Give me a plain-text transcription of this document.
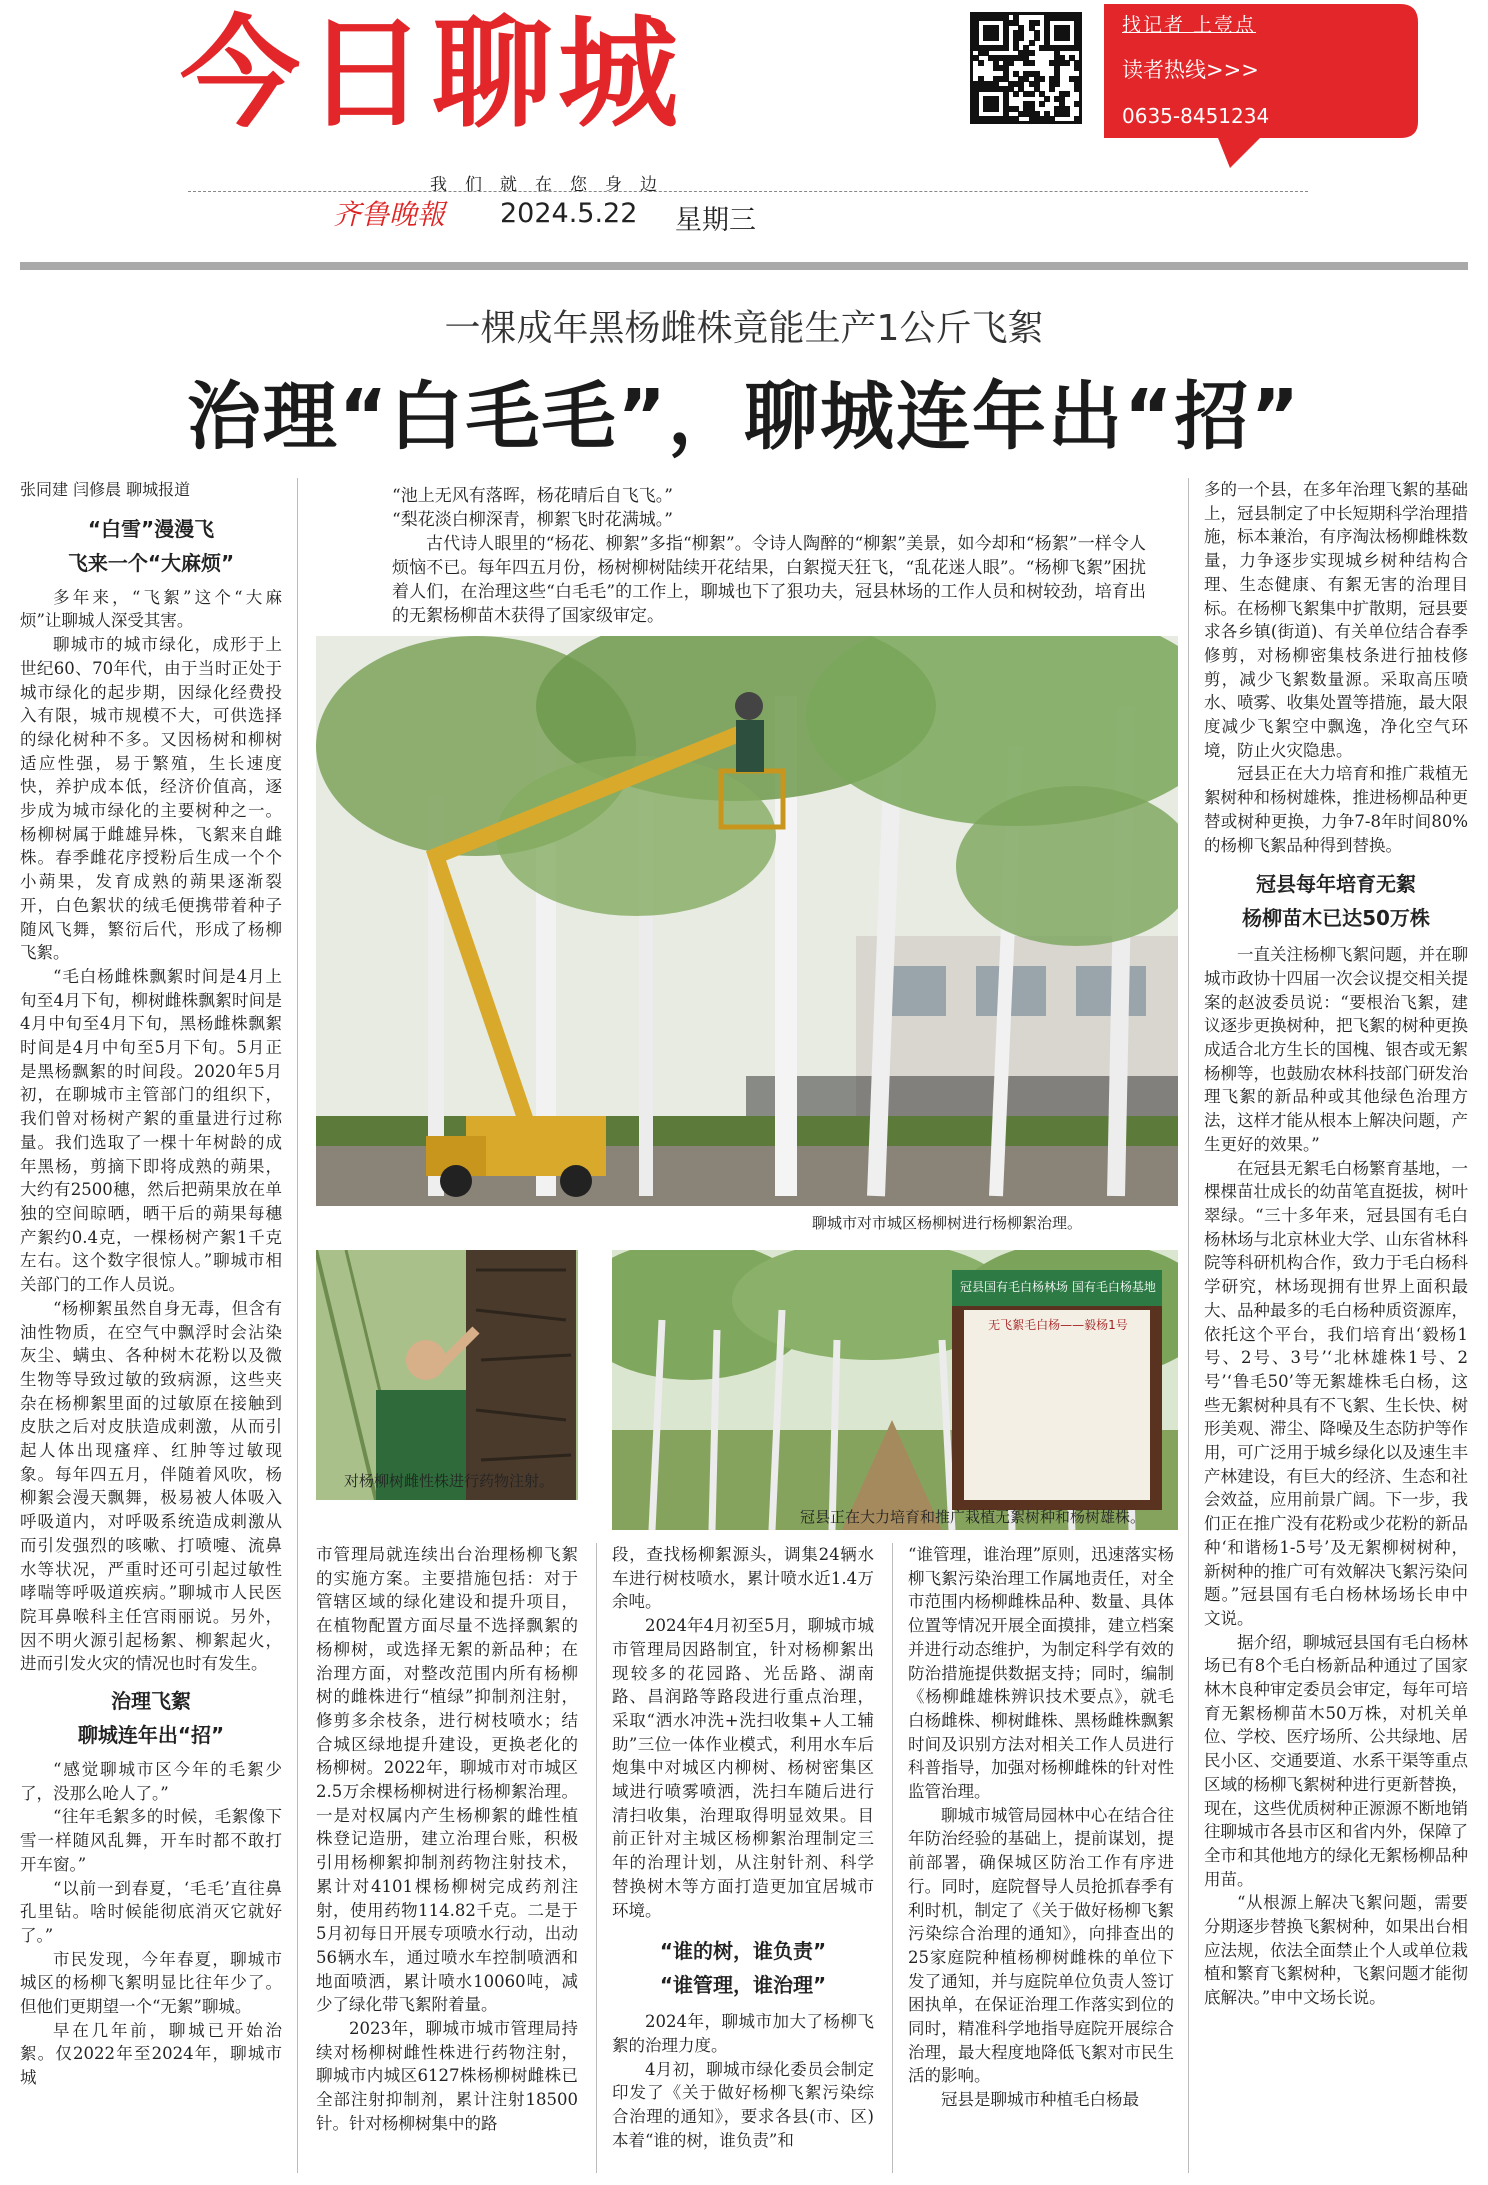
今日聊城	找记者 上壹点
读者热线>>>
0635-8451234
我们就在您身边
齐鲁晚報 2024.5.22 星期三
一棵成年黑杨雌株竟能生产1公斤飞絮
治理“白毛毛”，聊城连年出“招”
张同建 闫修晨 聊城报道
“白雪”漫漫飞
飞来一个“大麻烦”

多年来，“飞絮”这个“大麻烦”让聊城人深受其害。

聊城市的城市绿化，成形于上世纪60、70年代，由于当时正处于城市绿化的起步期，因绿化经费投入有限，城市规模不大，可供选择的绿化树种不多。又因杨树和柳树适应性强，易于繁殖，生长速度快，养护成本低，经济价值高，逐步成为城市绿化的主要树种之一。杨柳树属于雌雄异株，飞絮来自雌株。春季雌花序授粉后生成一个个小蒴果，发育成熟的蒴果逐渐裂开，白色絮状的绒毛便携带着种子随风飞舞，繁衍后代，形成了杨柳飞絮。

“毛白杨雌株飘絮时间是4月上旬至4月下旬，柳树雌株飘絮时间是4月中旬至4月下旬，黑杨雌株飘絮时间是4月中旬至5月下旬。5月正是黑杨飘絮的时间段。2020年5月初，在聊城市主管部门的组织下，我们曾对杨树产絮的重量进行过称量。我们选取了一棵十年树龄的成年黑杨，剪摘下即将成熟的蒴果，大约有2500穗，然后把蒴果放在单独的空间晾晒，晒干后的蒴果每穗产絮约0.4克，一棵杨树产絮1千克左右。这个数字很惊人。”聊城市相关部门的工作人员说。

“杨柳絮虽然自身无毒，但含有油性物质，在空气中飘浮时会沾染灰尘、螨虫、各种树木花粉以及微生物等导致过敏的致病源，这些夹杂在杨柳絮里面的过敏原在接触到皮肤之后对皮肤造成刺激，从而引起人体出现瘙痒、红肿等过敏现象。每年四五月，伴随着风吹，杨柳絮会漫天飘舞，极易被人体吸入呼吸道内，对呼吸系统造成刺激从而引发强烈的咳嗽、打喷嚏、流鼻水等状况，严重时还可引起过敏性哮喘等呼吸道疾病。”聊城市人民医院耳鼻喉科主任宫雨丽说。另外，因不明火源引起杨絮、柳絮起火，进而引发火灾的情况也时有发生。

治理飞絮
聊城连年出“招”

“感觉聊城市区今年的毛絮少了，没那么呛人了。”

“往年毛絮多的时候，毛絮像下雪一样随风乱舞，开车时都不敢打开车窗。”

“以前一到春夏，‘毛毛’直往鼻孔里钻。啥时候能彻底消灭它就好了。”

市民发现，今年春夏，聊城市城区的杨柳飞絮明显比往年少了。但他们更期望一个“无絮”聊城。

早在几年前，聊城已开始治絮。仅2022年至2024年，聊城市城

“池上无风有落晖，杨花晴后自飞飞。”

“梨花淡白柳深青，柳絮飞时花满城。”

古代诗人眼里的“杨花、柳絮”多指“柳絮”。令诗人陶醉的“柳絮”美景，如今却和“杨絮”一样令人烦恼不已。每年四五月份，杨树柳树陆续开花结果，白絮搅天狂飞，“乱花迷人眼”。“杨柳飞絮”困扰着人们，在治理这些“白毛毛”的工作上，聊城也下了狠功夫，冠县林场的工作人员和树较劲，培育出的无絮杨柳苗木获得了国家级审定。

聊城市对市城区杨柳树进行杨柳絮治理。
对杨柳树雌性株进行药物注射。
冠县国有毛白杨林场 国有毛白杨基地
无飞絮毛白杨——毅杨1号
冠县正在大力培育和推广栽植无絮树种和杨树雄株。

市管理局就连续出台治理杨柳飞絮的实施方案。主要措施包括：对于管辖区域的绿化建设和提升项目，在植物配置方面尽量不选择飘絮的杨柳树，或选择无絮的新品种；在治理方面，对整改范围内所有杨柳树的雌株进行“植绿”抑制剂注射，修剪多余枝条，进行树枝喷水；结合城区绿地提升建设，更换老化的杨柳树。2022年，聊城市对市城区2.5万余棵杨柳树进行杨柳絮治理。一是对权属内产生杨柳絮的雌性植株登记造册，建立治理台账，积极引用杨柳絮抑制剂药物注射技术，累计对4101棵杨柳树完成药剂注射，使用药物114.82千克。二是于5月初每日开展专项喷水行动，出动56辆水车，通过喷水车控制喷洒和地面喷洒，累计喷水10060吨，减少了绿化带飞絮附着量。

2023年，聊城市城市管理局持续对杨柳树雌性株进行药物注射，聊城市内城区6127株杨柳树雌株已全部注射抑制剂，累计注射18500针。针对杨柳树集中的路

段，查找杨柳絮源头，调集24辆水车进行树枝喷水，累计喷水近1.4万余吨。

2024年4月初至5月，聊城市城市管理局因路制宜，针对杨柳絮出现较多的花园路、光岳路、湖南路、昌润路等路段进行重点治理，采取“洒水冲洗+洗扫收集+人工辅助”三位一体作业模式，利用水车后炮集中对城区内柳树、杨树密集区域进行喷雾喷洒，洗扫车随后进行清扫收集，治理取得明显效果。目前正针对主城区杨柳絮治理制定三年的治理计划，从注射针剂、科学替换树木等方面打造更加宜居城市环境。

“谁的树，谁负责”
“谁管理，谁治理”

2024年，聊城市加大了杨柳飞絮的治理力度。

4月初，聊城市绿化委员会制定印发了《关于做好杨柳飞絮污染综合治理的通知》，要求各县(市、区)本着“谁的树，谁负责”和

“谁管理，谁治理”原则，迅速落实杨柳飞絮污染治理工作属地责任，对全市范围内杨柳雌株品种、数量、具体位置等情况开展全面摸排，建立档案并进行动态维护，为制定科学有效的防治措施提供数据支持；同时，编制《杨柳雌雄株辨识技术要点》，就毛白杨雌株、柳树雌株、黑杨雌株飘絮时间及识别方法对相关工作人员进行科普指导，加强对杨柳雌株的针对性监管治理。

聊城市城管局园林中心在结合往年防治经验的基础上，提前谋划，提前部署，确保城区防治工作有序进行。同时，庭院督导人员抢抓春季有利时机，制定了《关于做好杨柳飞絮污染综合治理的通知》，向排查出的25家庭院种植杨柳树雌株的单位下发了通知，并与庭院单位负责人签订困执单，在保证治理工作落实到位的同时，精准科学地指导庭院开展综合治理，最大程度地降低飞絮对市民生活的影响。

冠县是聊城市种植毛白杨最

多的一个县，在多年治理飞絮的基础上，冠县制定了中长短期科学治理措施，标本兼治，有序淘汰杨柳雌株数量，力争逐步实现城乡树种结构合理、生态健康、有絮无害的治理目标。在杨柳飞絮集中扩散期，冠县要求各乡镇(街道)、有关单位结合春季修剪，对杨柳密集枝条进行抽枝修剪，减少飞絮数量源。采取高压喷水、喷雾、收集处置等措施，最大限度减少飞絮空中飘逸，净化空气环境，防止火灾隐患。

冠县正在大力培育和推广栽植无絮树种和杨树雄株，推进杨柳品种更替或树种更换，力争7-8年时间80%的杨柳飞絮品种得到替换。

冠县每年培育无絮
杨柳苗木已达50万株

一直关注杨柳飞絮问题，并在聊城市政协十四届一次会议提交相关提案的赵波委员说：“要根治飞絮，建议逐步更换树种，把飞絮的树种更换成适合北方生长的国槐、银杏或无絮杨柳等，也鼓励农林科技部门研发治理飞絮的新品种或其他绿色治理方法，这样才能从根本上解决问题，产生更好的效果。”

在冠县无絮毛白杨繁育基地，一棵棵苗壮成长的幼苗笔直挺拔，树叶翠绿。“三十多年来，冠县国有毛白杨林场与北京林业大学、山东省林科院等科研机构合作，致力于毛白杨科学研究，林场现拥有世界上面积最大、品种最多的毛白杨种质资源库，依托这个平台，我们培育出‘毅杨1号、2号、3号’‘北林雄株1号、2号’‘鲁毛50’等无絮雄株毛白杨，这些无絮树种具有不飞絮、生长快、树形美观、滞尘、降噪及生态防护等作用，可广泛用于城乡绿化以及速生丰产林建设，有巨大的经济、生态和社会效益，应用前景广阔。下一步，我们正在推广没有花粉或少花粉的新品种‘和谐杨1-5号’及无絮柳树树种，新树种的推广可有效解决飞絮污染问题。”冠县国有毛白杨林场场长申中文说。

据介绍，聊城冠县国有毛白杨林场已有8个毛白杨新品种通过了国家林木良种审定委员会审定，每年可培育无絮杨柳苗木50万株，对机关单位、学校、医疗场所、公共绿地、居民小区、交通要道、水系干渠等重点区域的杨柳飞絮树种进行更新替换，现在，这些优质树种正源源不断地销往聊城市各县市区和省内外，保障了全市和其他地方的绿化无絮杨柳品种用苗。

“从根源上解决飞絮问题，需要分期逐步替换飞絮树种，如果出台相应法规，依法全面禁止个人或单位栽植和繁育飞絮树种，飞絮问题才能彻底解决。”申中文场长说。
